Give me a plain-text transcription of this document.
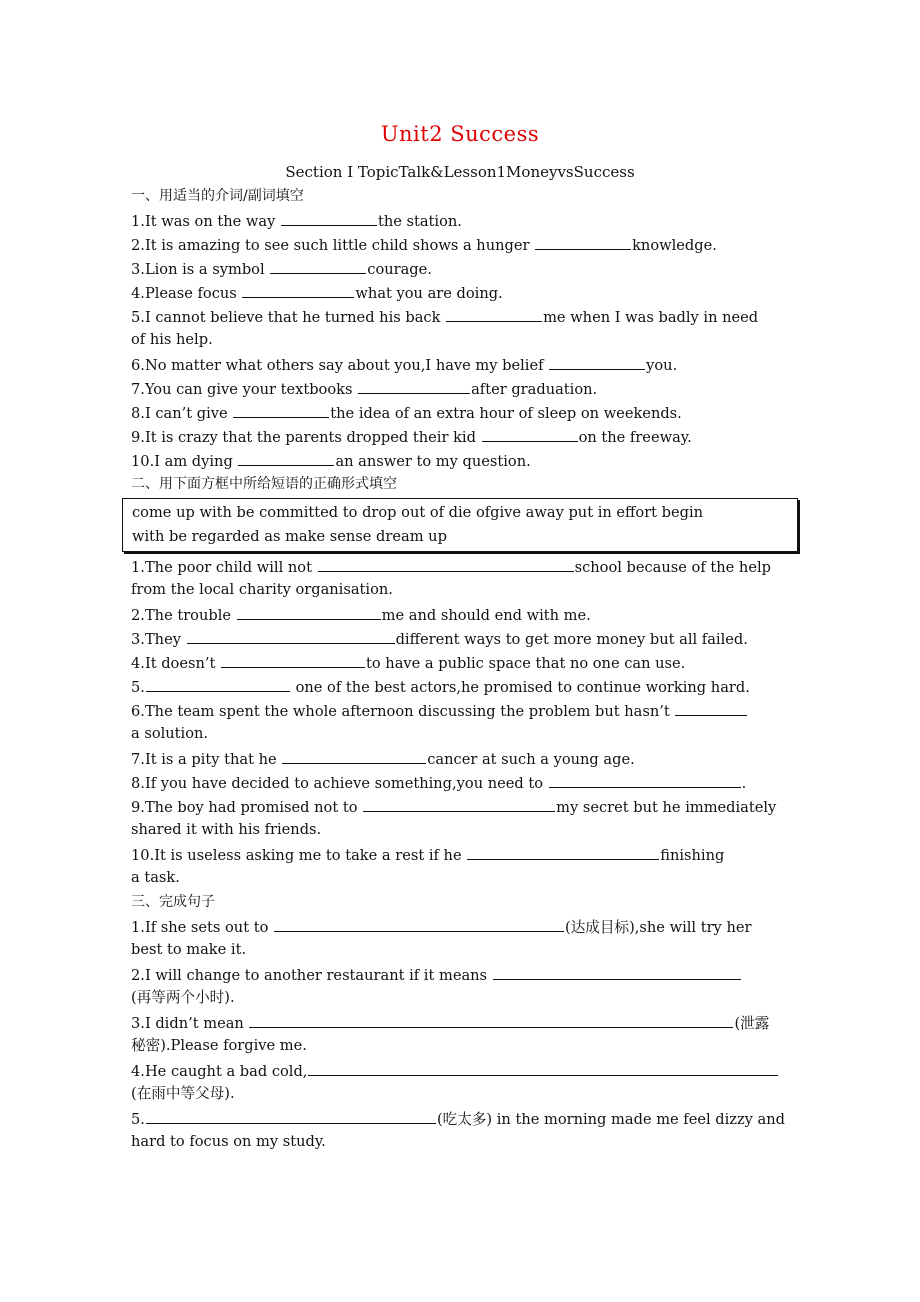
Unit2 Success
Section Ⅰ TopicTalk&Lesson1MoneyvsSuccess
一、用适当的介词/副词填空
1.It was on the way	the station.
2.It is amazing to see such little child shows a hunger	knowledge.
3.Lion is a symbol	courage.
4.Please focus	what you are doing.
5.I cannot believe that he turned his back	me when I was badly in need
of his help.
6.No matter what others say about you,I have my belief	you.
7.You can give your textbooks	after graduation.
8.I can’t give	the idea of an extra hour of sleep on weekends.
9.It is crazy that the parents dropped their kid	on the freeway.
10.I am dying	an answer to my question.
二、用下面方框中所给短语的正确形式填空
come up with be committed to drop out of die ofgive away put in effort begin
with be regarded as make sense dream up
1.The poor child will not	school because of the help
from the local charity organisation.
2.The trouble	me and should end with me.
3.They	different ways to get more money but all failed.
4.It doesn’t	to have a public space that no one can use.
5.	one of the best actors,he promised to continue working hard.
6.The team spent the whole afternoon discussing the problem but hasn’t
a solution.
7.It is a pity that he	cancer at such a young age.
8.If you have decided to achieve something,you need to	.
9.The boy had promised not to	my secret but he immediately
shared it with his friends.
10.It is useless asking me to take a rest if he	finishing
a task.
三、完成句子
1.If she sets out to	(达成目标),she will try her
best to make it.
2.I will change to another restaurant if it means
(再等两个小时).
3.I didn’t mean	(泄露
秘密).Please forgive me.
4.He caught a bad cold,
(在雨中等父母).
5.	(吃太多) in the morning made me feel dizzy and
hard to focus on my study.
